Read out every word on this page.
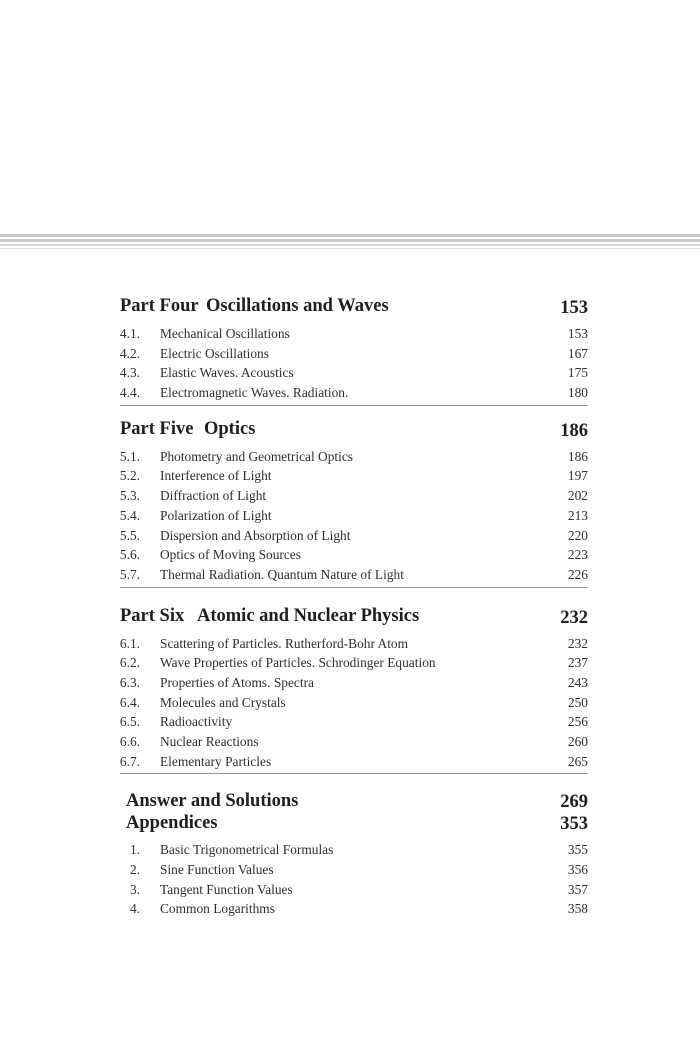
Part Four Oscillations and Waves	153
4.1. Mechanical Oscillations	153
4.2. Electric Oscillations	167
4.3. Elastic Waves. Acoustics	175
4.4. Electromagnetic Waves. Radiation.	180
Part Five Optics	186
5.1. Photometry and Geometrical Optics	186
5.2. Interference of Light	197
5.3. Diffraction of Light	202
5.4. Polarization of Light	213
5.5. Dispersion and Absorption of Light	220
5.6. Optics of Moving Sources	223
5.7. Thermal Radiation. Quantum Nature of Light	226
Part Six Atomic and Nuclear Physics	232
6.1. Scattering of Particles. Rutherford-Bohr Atom	232
6.2. Wave Properties of Particles. Schrodinger Equation	237
6.3. Properties of Atoms. Spectra	243
6.4. Molecules and Crystals	250
6.5. Radioactivity	256
6.6. Nuclear Reactions	260
6.7. Elementary Particles	265
Answer and Solutions	269
Appendices	353
1. Basic Trigonometrical Formulas	355
2. Sine Function Values	356
3. Tangent Function Values	357
4. Common Logarithms	358
